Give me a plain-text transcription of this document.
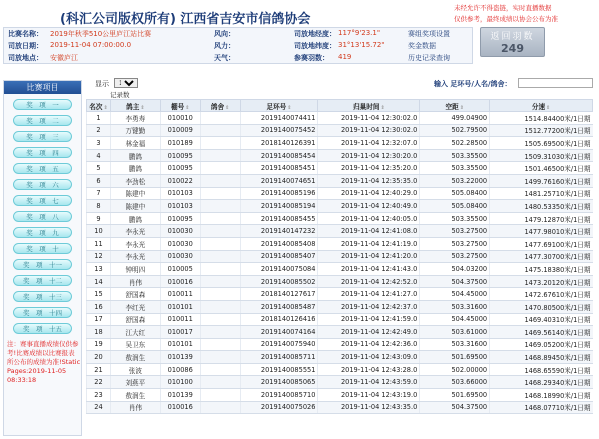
(科汇公司版权所有) 江西省吉安市信鸽协会
未经允许不得盗链，实时直播数据
仅供参考，最终成绩以协会公布为准
比赛名称： 2019年秋季510公里庐江站比赛	风向：	司放地经度： 117°9'23.1"	赛组奖项设置
司放日期： 2019-11-04 07:00:00.0	风力：	司放地纬度： 31°13'15.72"	奖金数据
司放地点： 安徽庐江	天气：	参赛羽数： 419	历史记录查询
返回羽数
249
比赛项目
奖　项　一
奖　项　二
奖　项　三
奖　项　四
奖　项　五
奖　项　六
奖　项　七
奖　项　八
奖　项　九
奖　项　十
奖　项　十一
奖　项　十二
奖　项　十三
奖　项　十四
奖　项　十五
注：赛事直播成绩仅供参考!比赛成绩以比赛报表所公布的成绩为准!Static Pages:2019-11-05 08:33:18
显示
100	输入 足环号/人名/鸽舍：
记录数
名次⇕	鸽主⇕	棚号⇕	鸽舍⇕	足环号⇕	归巢时间⇕	空距⇕	分速⇕
1	李勇寿	010010		2019140074411	2019-11-04 12:30:02.0	499.04900	1514.84400米/1日期
2	万键勤	010009		2019140075452	2019-11-04 12:30:02.0	502.79500	1512.77200米/1日期
3	林金福	010189		2018140126391	2019-11-04 12:32:07.0	502.28500	1505.69500米/1日期
4	鹏鸽	010095		2019140085454	2019-11-04 12:30:20.0	503.35500	1509.31030米/1日期
5	鹏鸽	010095		2019140085451	2019-11-04 12:35:20.0	503.35500	1501.46500米/1日期
6	李劲松	010022		2019140074651	2019-11-04 12:35:35.0	503.22000	1499.76160米/1日期
7	陈建中	010103		2019140085196	2019-11-04 12:40:29.0	505.08400	1481.25710米/1日期
8	陈建中	010103		2019140085194	2019-11-04 12:40:49.0	505.08400	1480.53350米/1日期
9	鹏鸽	010095		2019140085455	2019-11-04 12:40:05.0	503.35500	1479.12870米/1日期
10	李永光	010030		2019140147232	2019-11-04 12:41:08.0	503.27500	1477.98010米/1日期
11	李永光	010030		2019140085408	2019-11-04 12:41:19.0	503.27500	1477.69100米/1日期
12	李永光	010030		2019140085407	2019-11-04 12:41:20.0	503.27500	1477.30700米/1日期
13	钟明四	010005		2019140075084	2019-11-04 12:41:43.0	504.03200	1475.18380米/1日期
14	肖伟	010016		2019140085502	2019-11-04 12:42:52.0	504.37500	1473.20120米/1日期
15	舒国森	010011		2018140127617	2019-11-04 12:41:27.0	504.45000	1472.67610米/1日期
16	李红光	010101		2019140085487	2019-11-04 12:42:37.0	503.31600	1470.80500米/1日期
17	舒国森	010011		2018140126416	2019-11-04 12:41:59.0	504.45000	1469.40310米/1日期
18	江大红	010017		2019140074164	2019-11-04 12:42:49.0	503.61000	1469.56140米/1日期
19	吴卫东	010101		2019140075940	2019-11-04 12:42:36.0	503.31600	1469.05200米/1日期
20	敖润生	010139		2019140085711	2019-11-04 12:43:09.0	501.69500	1468.89450米/1日期
21	张波	010086		2019140085551	2019-11-04 12:43:28.0	502.00000	1468.65590米/1日期
22	刘燕平	010100		2019140085065	2019-11-04 12:43:59.0	503.66000	1468.29340米/1日期
23	敖润生	010139		2019140085710	2019-11-04 12:43:19.0	501.69500	1468.18990米/1日期
24	肖伟	010016		2019140075026	2019-11-04 12:43:35.0	504.37500	1468.07710米/1日期
